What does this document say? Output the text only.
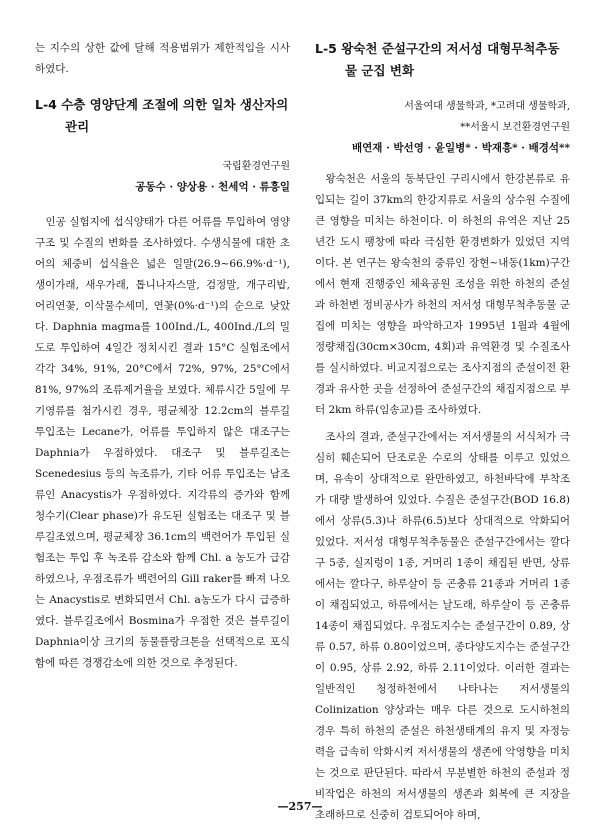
는 지수의 상한 값에 달해 적용범위가 제한적임을 시사하였다.

L-4 수층 영양단계 조절에 의한 일차 생산자의
관리

국립환경연구원

공동수 · 양상용 · 천세억 · 류흥일

인공 실험지에 섭식양태가 다른 어류를 투입하여 영양구조 및 수질의 변화를 조사하였다. 수생식물에 대한 초어의 체중비 섭식율은 넓은 일말(26.9~66.9%·d⁻¹), 생이가래, 새우가래, 톱니나자스말, 검정말, 개구리밥, 어리연꽃, 이삭물수세미, 연꽃(0%·d⁻¹)의 순으로 낮았다. Daphnia magma를 100Ind./L, 400Ind./L의 밀도로 투입하여 4일간 정치시킨 결과 15°C 실험조에서 각각 34%, 91%, 20°C에서 72%, 97%, 25°C에서 81%, 97%의 조류제거율을 보였다. 체류시간 5일에 무기영류를 첨가시킨 경우, 평균체장 12.2cm의 블루길 투입조는 Lecane가, 어류를 투입하지 않은 대조구는 Daphnia가 우점하였다. 대조구 및 블루길조는 Scenedesius 등의 녹조류가, 기타 어류 투입조는 남조류인 Anacystis가 우점하였다. 지각류의 증가와 함께 청수기(Clear phase)가 유도된 실험조는 대조구 및 블루길조였으며, 평균체장 36.1cm의 백련어가 투입된 실험조는 투입 후 녹조류 감소와 함께 Chl. a 농도가 급감하였으나, 우점조류가 백련어의 Gill raker를 빠져 나오는 Anacystis로 변화되면서 Chl. a농도가 다시 급증하였다. 블루길조에서 Bosmina가 우점한 것은 블루길이 Daphnia이상 크기의 동물플랑크톤을 선택적으로 포식함에 따른 경쟁감소에 의한 것으로 추정된다.

L-5 왕숙천 준설구간의 저서성 대형무척추동
물 군집 변화

서울여대 생물학과, *고려대 생물학과,

**서울시 보건환경연구원

배연재 · 박선영 · 윤일병* · 박재흥* · 배경석**

왕숙천은 서울의 동북단인 구리시에서 한강본류로 유입되는 길이 37km의 한강지류로 서울의 상수원 수질에 큰 영향을 미치는 하천이다. 이 하천의 유역은 지난 25년간 도시 팽창에 따라 극심한 환경변화가 있었던 지역이다. 본 연구는 왕숙천의 중류인 장현~내동(1km)구간에서 현재 진행중인 체육공원 조성을 위한 하천의 준설과 하천변 정비공사가 하천의 저서성 대형무척추동물 군집에 미치는 영향을 파악하고자 1995년 1월과 4월에 정량채집(30cm×30cm, 4회)과 유역환경 및 수질조사를 실시하였다. 비교지점으로는 조사지점의 준설이전 환경과 유사한 곳을 선정하여 준설구간의 채집지점으로 부터 2km 하류(임송교)를 조사하였다.

조사의 결과, 준설구간에서는 저서생물의 서식처가 극심히 훼손되어 단조로운 수로의 상태를 이루고 있었으며, 유속이 상대적으로 완만하였고, 하천바닥에 부착조가 대량 발생하여 있었다. 수질은 준설구간(BOD 16.8)에서 상류(5.3)나 하류(6.5)보다 상대적으로 악화되어 있었다. 저서성 대형무척추동물은 준설구간에서는 깔다구 5종, 실지렁이 1종, 거머리 1종이 채집된 반면, 상류에서는 깔다구, 하루살이 등 곤충류 21종과 거머리 1종이 채집되었고, 하류에서는 날도래, 하루살이 등 곤충류 14종이 채집되었다. 우점도지수는 준설구간이 0.89, 상류 0.57, 하류 0.80이었으며, 종다양도지수는 준설구간이 0.95, 상류 2.92, 하류 2.11이었다. 이러한 결과는 일반적인 청정하천에서 나타나는 저서생물의 Colinization 양상과는 매우 다른 것으로 도시하천의 경우 특히 하천의 준설은 하천생태계의 유지 및 자정능력을 급속히 악화시켜 저서생물의 생존에 악영향을 미치는 것으로 판단된다. 따라서 무분별한 하천의 준설과 정비작업은 하천의 저서생물의 생존과 회복에 큰 지장을 초래하므로 신중히 검토되어야 하며,

—257—
